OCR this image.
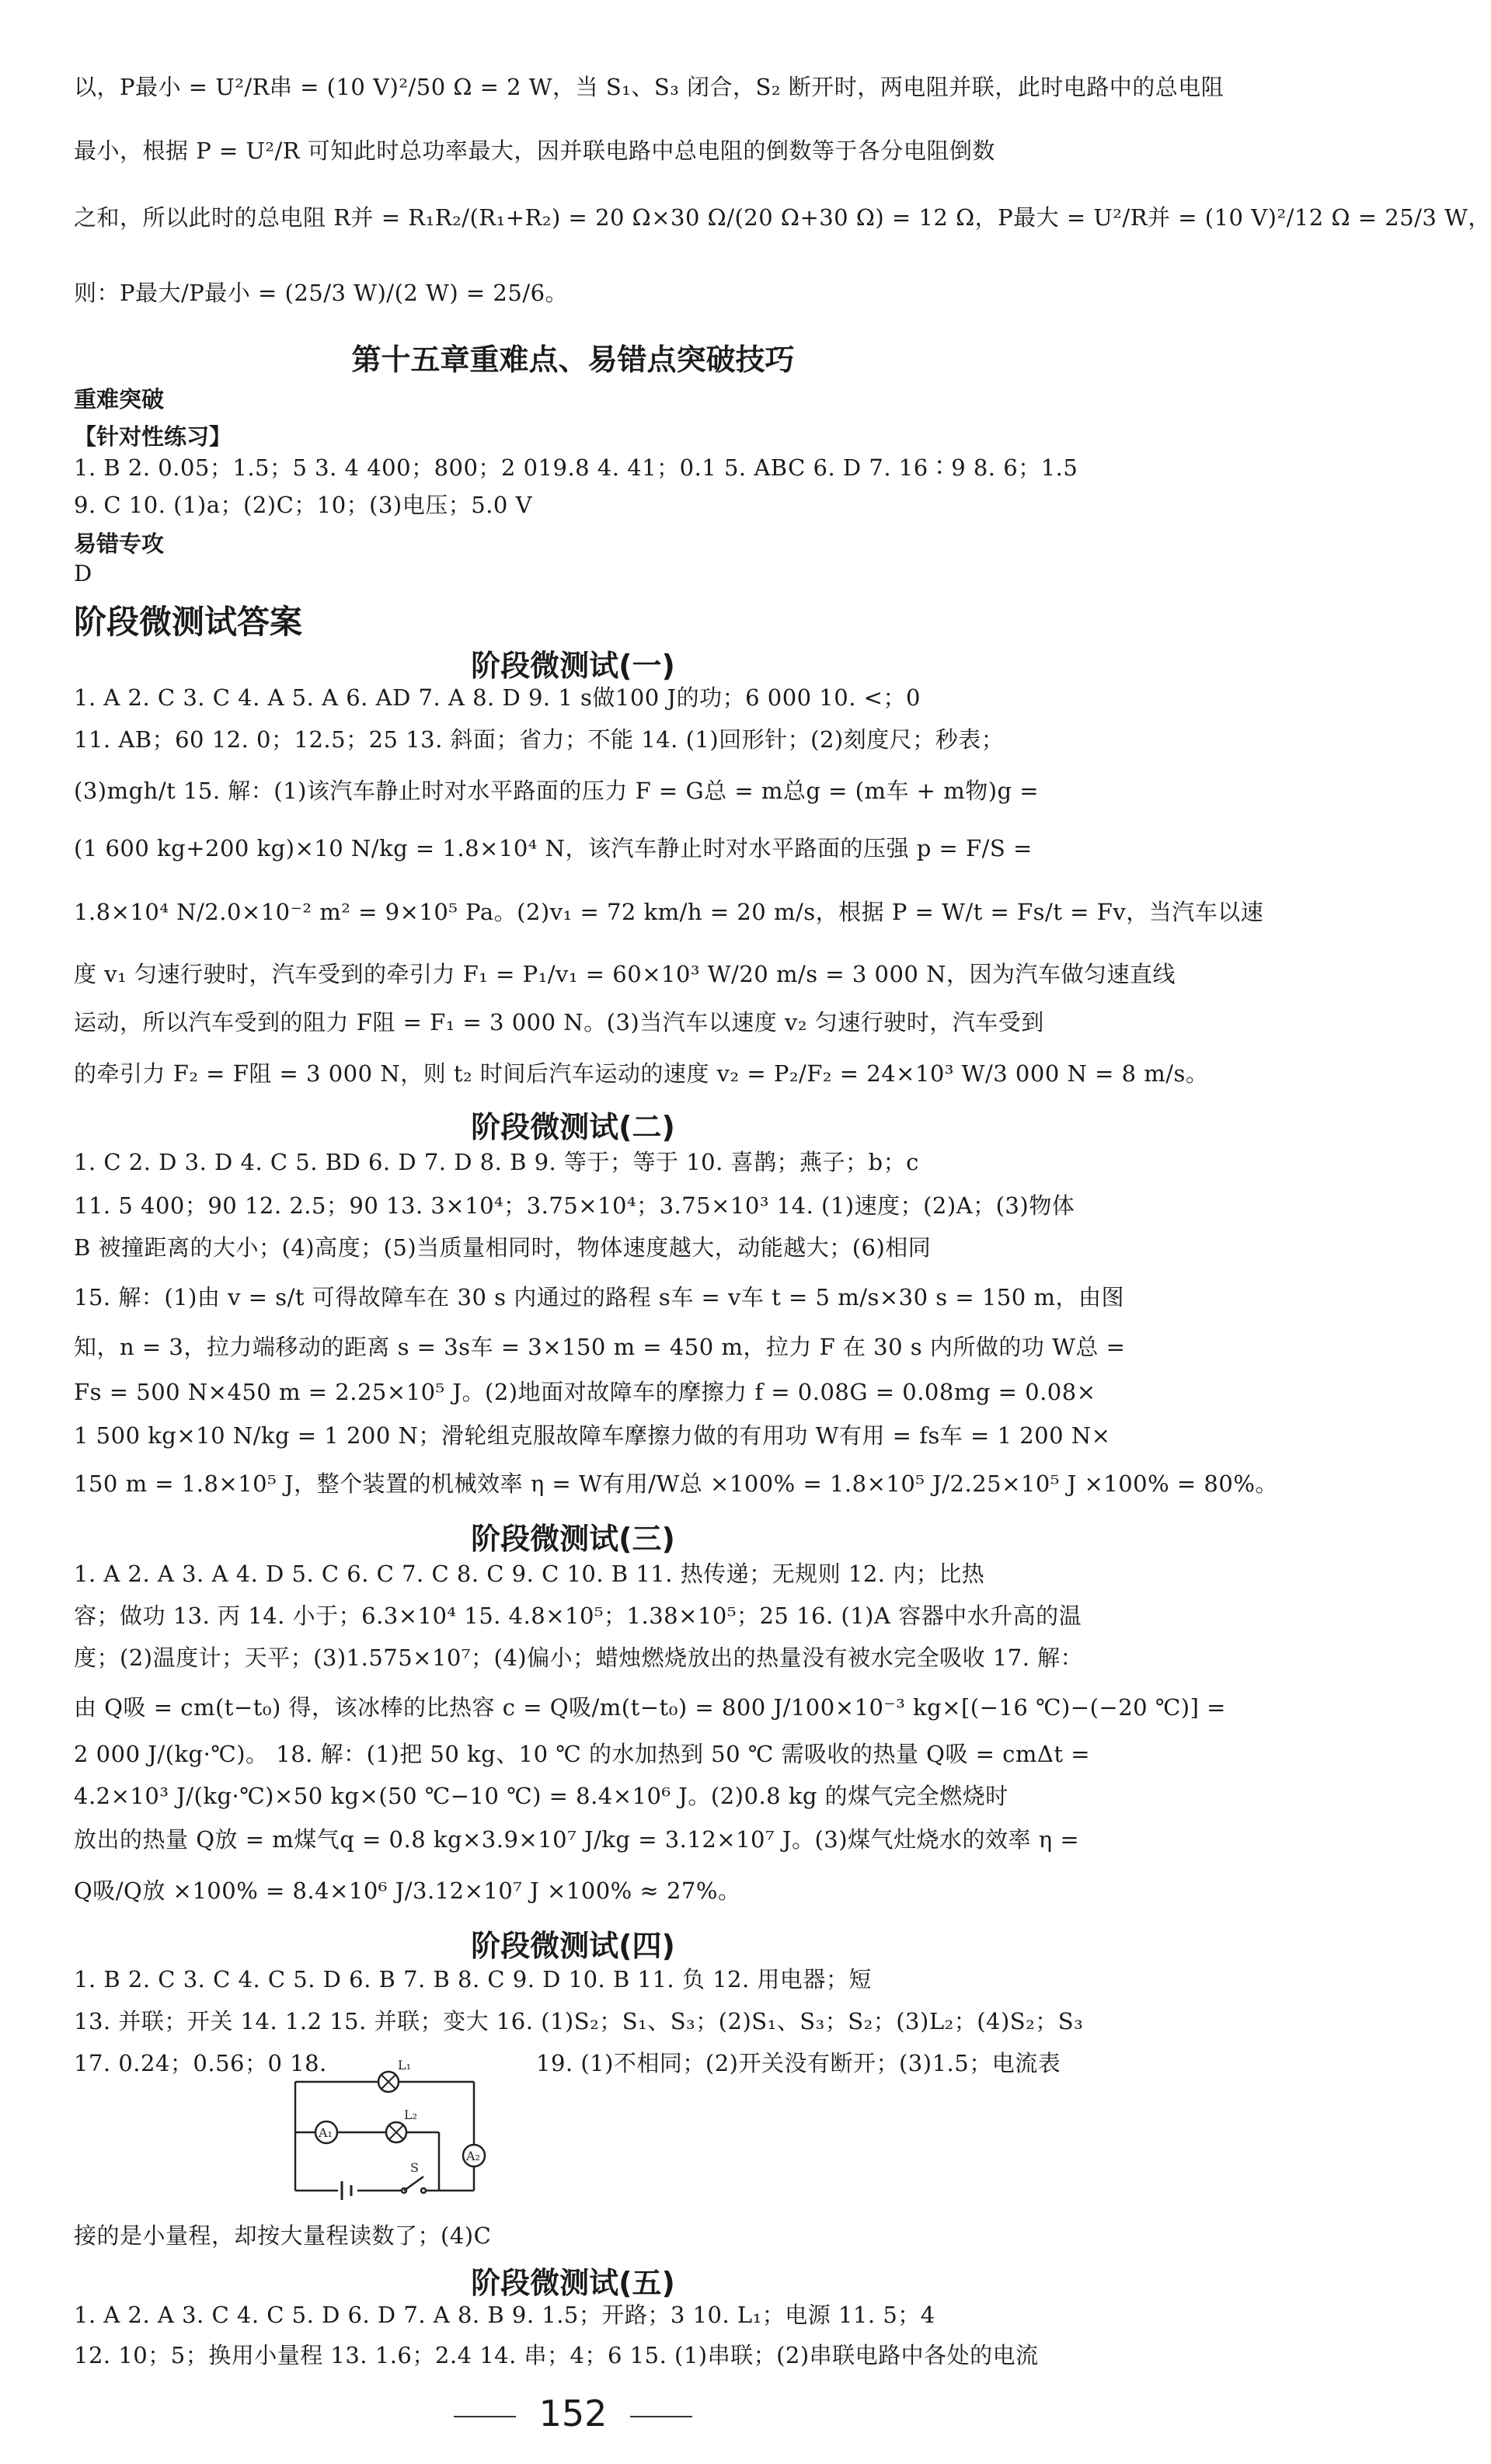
以，P最小 = U²/R串 = (10 V)²/50 Ω = 2 W，当 S₁、S₃ 闭合，S₂ 断开时，两电阻并联，此时电路中的总电阻
最小，根据 P = U²/R 可知此时总功率最大，因并联电路中总电阻的倒数等于各分电阻倒数
之和，所以此时的总电阻 R并 = R₁R₂/(R₁+R₂) = 20 Ω×30 Ω/(20 Ω+30 Ω) = 12 Ω，P最大 = U²/R并 = (10 V)²/12 Ω = 25/3 W，
则：P最大/P最小 = (25/3 W)/(2 W) = 25/6。
第十五章重难点、易错点突破技巧
重难突破
【针对性练习】
1. B 2. 0.05；1.5；5 3. 4 400；800；2 019.8 4. 41；0.1 5. ABC 6. D 7. 16∶9 8. 6；1.5
9. C 10. (1)a；(2)C；10；(3)电压；5.0 V
易错专攻
D
阶段微测试答案
阶段微测试(一)
1. A 2. C 3. C 4. A 5. A 6. AD 7. A 8. D 9. 1 s做100 J的功；6 000 10. <；0
11. AB；60 12. 0；12.5；25 13. 斜面；省力；不能 14. (1)回形针；(2)刻度尺；秒表；
(3)mgh/t 15. 解：(1)该汽车静止时对水平路面的压力 F = G总 = m总g = (m车 + m物)g =
(1 600 kg+200 kg)×10 N/kg = 1.8×10⁴ N，该汽车静止时对水平路面的压强 p = F/S =
1.8×10⁴ N/2.0×10⁻² m² = 9×10⁵ Pa。(2)v₁ = 72 km/h = 20 m/s，根据 P = W/t = Fs/t = Fv，当汽车以速
度 v₁ 匀速行驶时，汽车受到的牵引力 F₁ = P₁/v₁ = 60×10³ W/20 m/s = 3 000 N，因为汽车做匀速直线
运动，所以汽车受到的阻力 F阻 = F₁ = 3 000 N。(3)当汽车以速度 v₂ 匀速行驶时，汽车受到
的牵引力 F₂ = F阻 = 3 000 N，则 t₂ 时间后汽车运动的速度 v₂ = P₂/F₂ = 24×10³ W/3 000 N = 8 m/s。
阶段微测试(二)
1. C 2. D 3. D 4. C 5. BD 6. D 7. D 8. B 9. 等于；等于 10. 喜鹊；燕子；b；c
11. 5 400；90 12. 2.5；90 13. 3×10⁴；3.75×10⁴；3.75×10³ 14. (1)速度；(2)A；(3)物体
B 被撞距离的大小；(4)高度；(5)当质量相同时，物体速度越大，动能越大；(6)相同
15. 解：(1)由 v = s/t 可得故障车在 30 s 内通过的路程 s车 = v车 t = 5 m/s×30 s = 150 m，由图
知，n = 3，拉力端移动的距离 s = 3s车 = 3×150 m = 450 m，拉力 F 在 30 s 内所做的功 W总 =
Fs = 500 N×450 m = 2.25×10⁵ J。(2)地面对故障车的摩擦力 f = 0.08G = 0.08mg = 0.08×
1 500 kg×10 N/kg = 1 200 N；滑轮组克服故障车摩擦力做的有用功 W有用 = fs车 = 1 200 N×
150 m = 1.8×10⁵ J，整个装置的机械效率 η = W有用/W总 ×100% = 1.8×10⁵ J/2.25×10⁵ J ×100% = 80%。
阶段微测试(三)
1. A 2. A 3. A 4. D 5. C 6. C 7. C 8. C 9. C 10. B 11. 热传递；无规则 12. 内；比热
容；做功 13. 丙 14. 小于；6.3×10⁴ 15. 4.8×10⁵；1.38×10⁵；25 16. (1)A 容器中水升高的温
度；(2)温度计；天平；(3)1.575×10⁷；(4)偏小；蜡烛燃烧放出的热量没有被水完全吸收 17. 解：
由 Q吸 = cm(t−t₀) 得，该冰棒的比热容 c = Q吸/m(t−t₀) = 800 J/100×10⁻³ kg×[(−16 ℃)−(−20 ℃)] =
2 000 J/(kg·℃)。 18. 解：(1)把 50 kg、10 ℃ 的水加热到 50 ℃ 需吸收的热量 Q吸 = cmΔt =
4.2×10³ J/(kg·℃)×50 kg×(50 ℃−10 ℃) = 8.4×10⁶ J。(2)0.8 kg 的煤气完全燃烧时
放出的热量 Q放 = m煤气q = 0.8 kg×3.9×10⁷ J/kg = 3.12×10⁷ J。(3)煤气灶烧水的效率 η =
Q吸/Q放 ×100% = 8.4×10⁶ J/3.12×10⁷ J ×100% ≈ 27%。
阶段微测试(四)
1. B 2. C 3. C 4. C 5. D 6. B 7. B 8. C 9. D 10. B 11. 负 12. 用电器；短
13. 并联；开关 14. 1.2 15. 并联；变大 16. (1)S₂；S₁、S₃；(2)S₁、S₃；S₂；(3)L₂；(4)S₂；S₃
17. 0.24；0.56；0 18.	19. (1)不相同；(2)开关没有断开；(3)1.5；电流表
L₁
L₂
A₁
A₂
S
接的是小量程，却按大量程读数了；(4)C
阶段微测试(五)
1. A 2. A 3. C 4. C 5. D 6. D 7. A 8. B 9. 1.5；开路；3 10. L₁；电源 11. 5；4
12. 10；5；换用小量程 13. 1.6；2.4 14. 串；4；6 15. (1)串联；(2)串联电路中各处的电流
152
